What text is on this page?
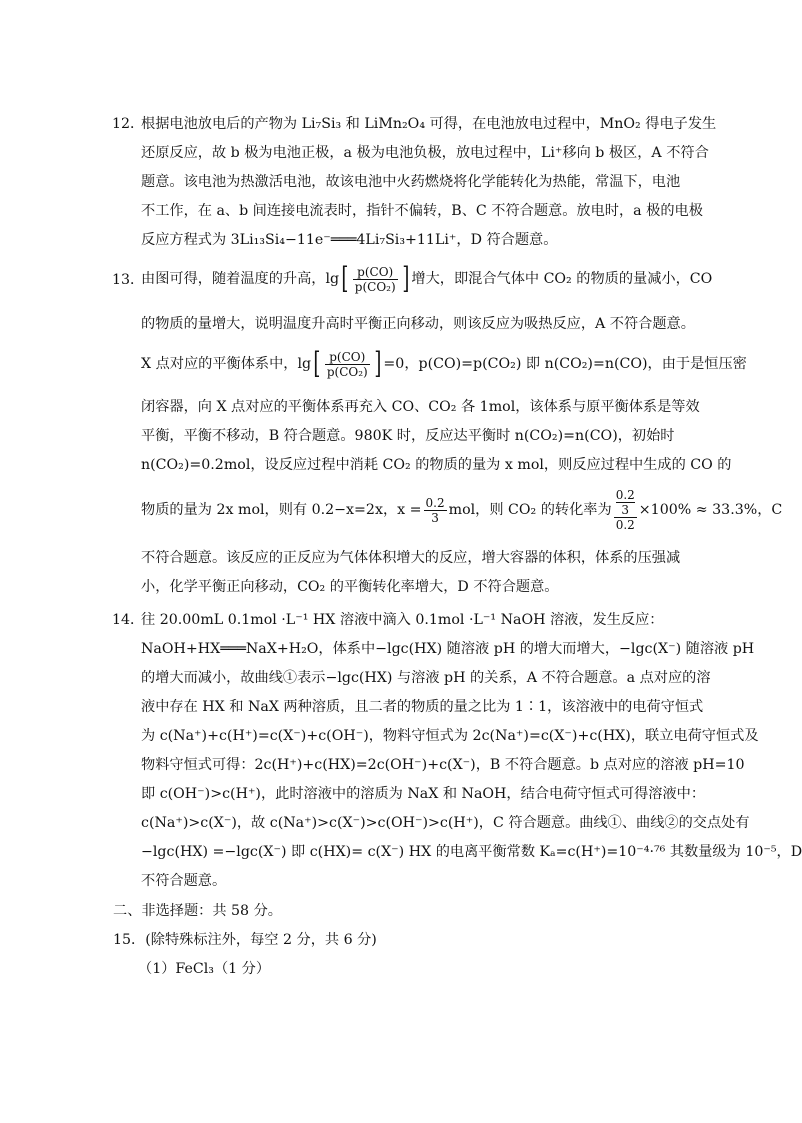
12．
根据电池放电后的产物为 Li₇Si₃ 和 LiMn₂O₄ 可得，在电池放电过程中，MnO₂ 得电子发生
还原反应，故 b 极为电池正极，a 极为电池负极，放电过程中，Li⁺移向 b 极区，A 不符合
题意。该电池为热激活电池，故该电池中火药燃烧将化学能转化为热能，常温下，电池
不工作，在 a、b 间连接电流表时，指针不偏转，B、C 不符合题意。放电时，a 极的电极
反应方程式为 3Li₁₃Si₄−11e⁻═══4Li₇Si₃+11Li⁺，D 符合题意。
13．
由图可得，随着温度的升高，$\lg[ \frac{p(CO)}{\text{p(CO₂)}}$ ] 增大，即混合气体中 CO₂ 的物质的量减小，CO
的物质的量增大，说明温度升高时平衡正向移动，则该反应为吸热反应，A 不符合题意。
X 点对应的平衡体系中，$\lg[ \frac{p(CO)}{\text{p(CO₂)}}$ ] =0，p(CO)=p(CO₂) 即 n(CO₂)=n(CO)，由于是恒压密
闭容器，向 X 点对应的平衡体系再充入 CO、CO₂ 各 1mol，该体系与原平衡体系是等效
平衡，平衡不移动，B 符合题意。980K 时，反应达平衡时 n(CO₂)=n(CO)，初始时
n(CO₂)=0.2mol，设反应过程中消耗 CO₂ 的物质的量为 x mol，则反应过程中生成的 CO 的
物质的量为 2x mol，则有 0.2−x=2x，$x = \frac{0.2}{3}$ mol，则 CO₂ 的转化率为 0.2
3
0.2 ×100% ≈ 33.3%，C
不符合题意。该反应的正反应为气体体积增大的反应，增大容器的体积，体系的压强减
小，化学平衡正向移动，CO₂ 的平衡转化率增大，D 不符合题意。
14．
往 20.00mL 0.1mol ·L⁻¹ HX 溶液中滴入 0.1mol ·L⁻¹ NaOH 溶液，发生反应：
NaOH+HX═══NaX+H₂O，体系中−lgc(HX) 随溶液 pH 的增大而增大，−lgc(X⁻) 随溶液 pH
的增大而减小，故曲线①表示−lgc(HX) 与溶液 pH 的关系，A 不符合题意。a 点对应的溶
液中存在 HX 和 NaX 两种溶质，且二者的物质的量之比为 1∶1，该溶液中的电荷守恒式
为 c(Na⁺)+c(H⁺)=c(X⁻)+c(OH⁻)，物料守恒式为 2c(Na⁺)=c(X⁻)+c(HX)，联立电荷守恒式及
物料守恒式可得：2c(H⁺)+c(HX)=2c(OH⁻)+c(X⁻)，B 不符合题意。b 点对应的溶液 pH=10
即 c(OH⁻)>c(H⁺)，此时溶液中的溶质为 NaX 和 NaOH，结合电荷守恒式可得溶液中：
c(Na⁺)>c(X⁻)，故 c(Na⁺)>c(X⁻)>c(OH⁻)>c(H⁺)，C 符合题意。曲线①、曲线②的交点处有
−lgc(HX) =−lgc(X⁻) 即 c(HX)= c(X⁻) HX 的电离平衡常数 Kₐ=c(H⁺)=10⁻⁴·⁷⁶ 其数量级为 10⁻⁵，D
不符合题意。
二、非选择题：共 58 分。
15．(除特殊标注外，每空 2 分，共 6 分)
（1）FeCl₃（1 分）
